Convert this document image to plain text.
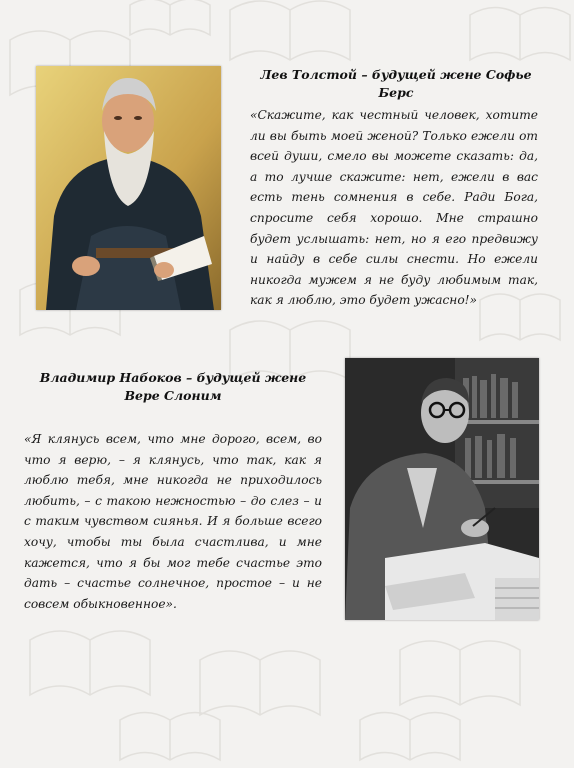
Лев Толстой – будущей жене Софье Берс

«Скажите, как честный человек, хотите ли вы быть моей женой? Только ежели от всей души, смело вы можете сказать: да, а то лучше скажите: нет, ежели в вас есть тень сомнения в себе. Ради Бога, спросите себя хорошо. Мне страшно будет услышать: нет, но я его предвижу и найду в себе силы снести. Но ежели никогда мужем я не буду любимым так, как я люблю, это будет ужасно!»

Владимир Набоков – будущей жене
Вере Слоним

«Я клянусь всем, что мне дорого, всем, во что я верю, – я клянусь, что так, как я люблю тебя, мне никогда не приходилось любить, – с такою нежностью – до слез – и с таким чувством сиянья. И я больше всего хочу, чтобы ты была счастлива, и мне кажется, что я бы мог тебе счастье это дать – счастье солнечное, простое – и не совсем обыкновенное».
